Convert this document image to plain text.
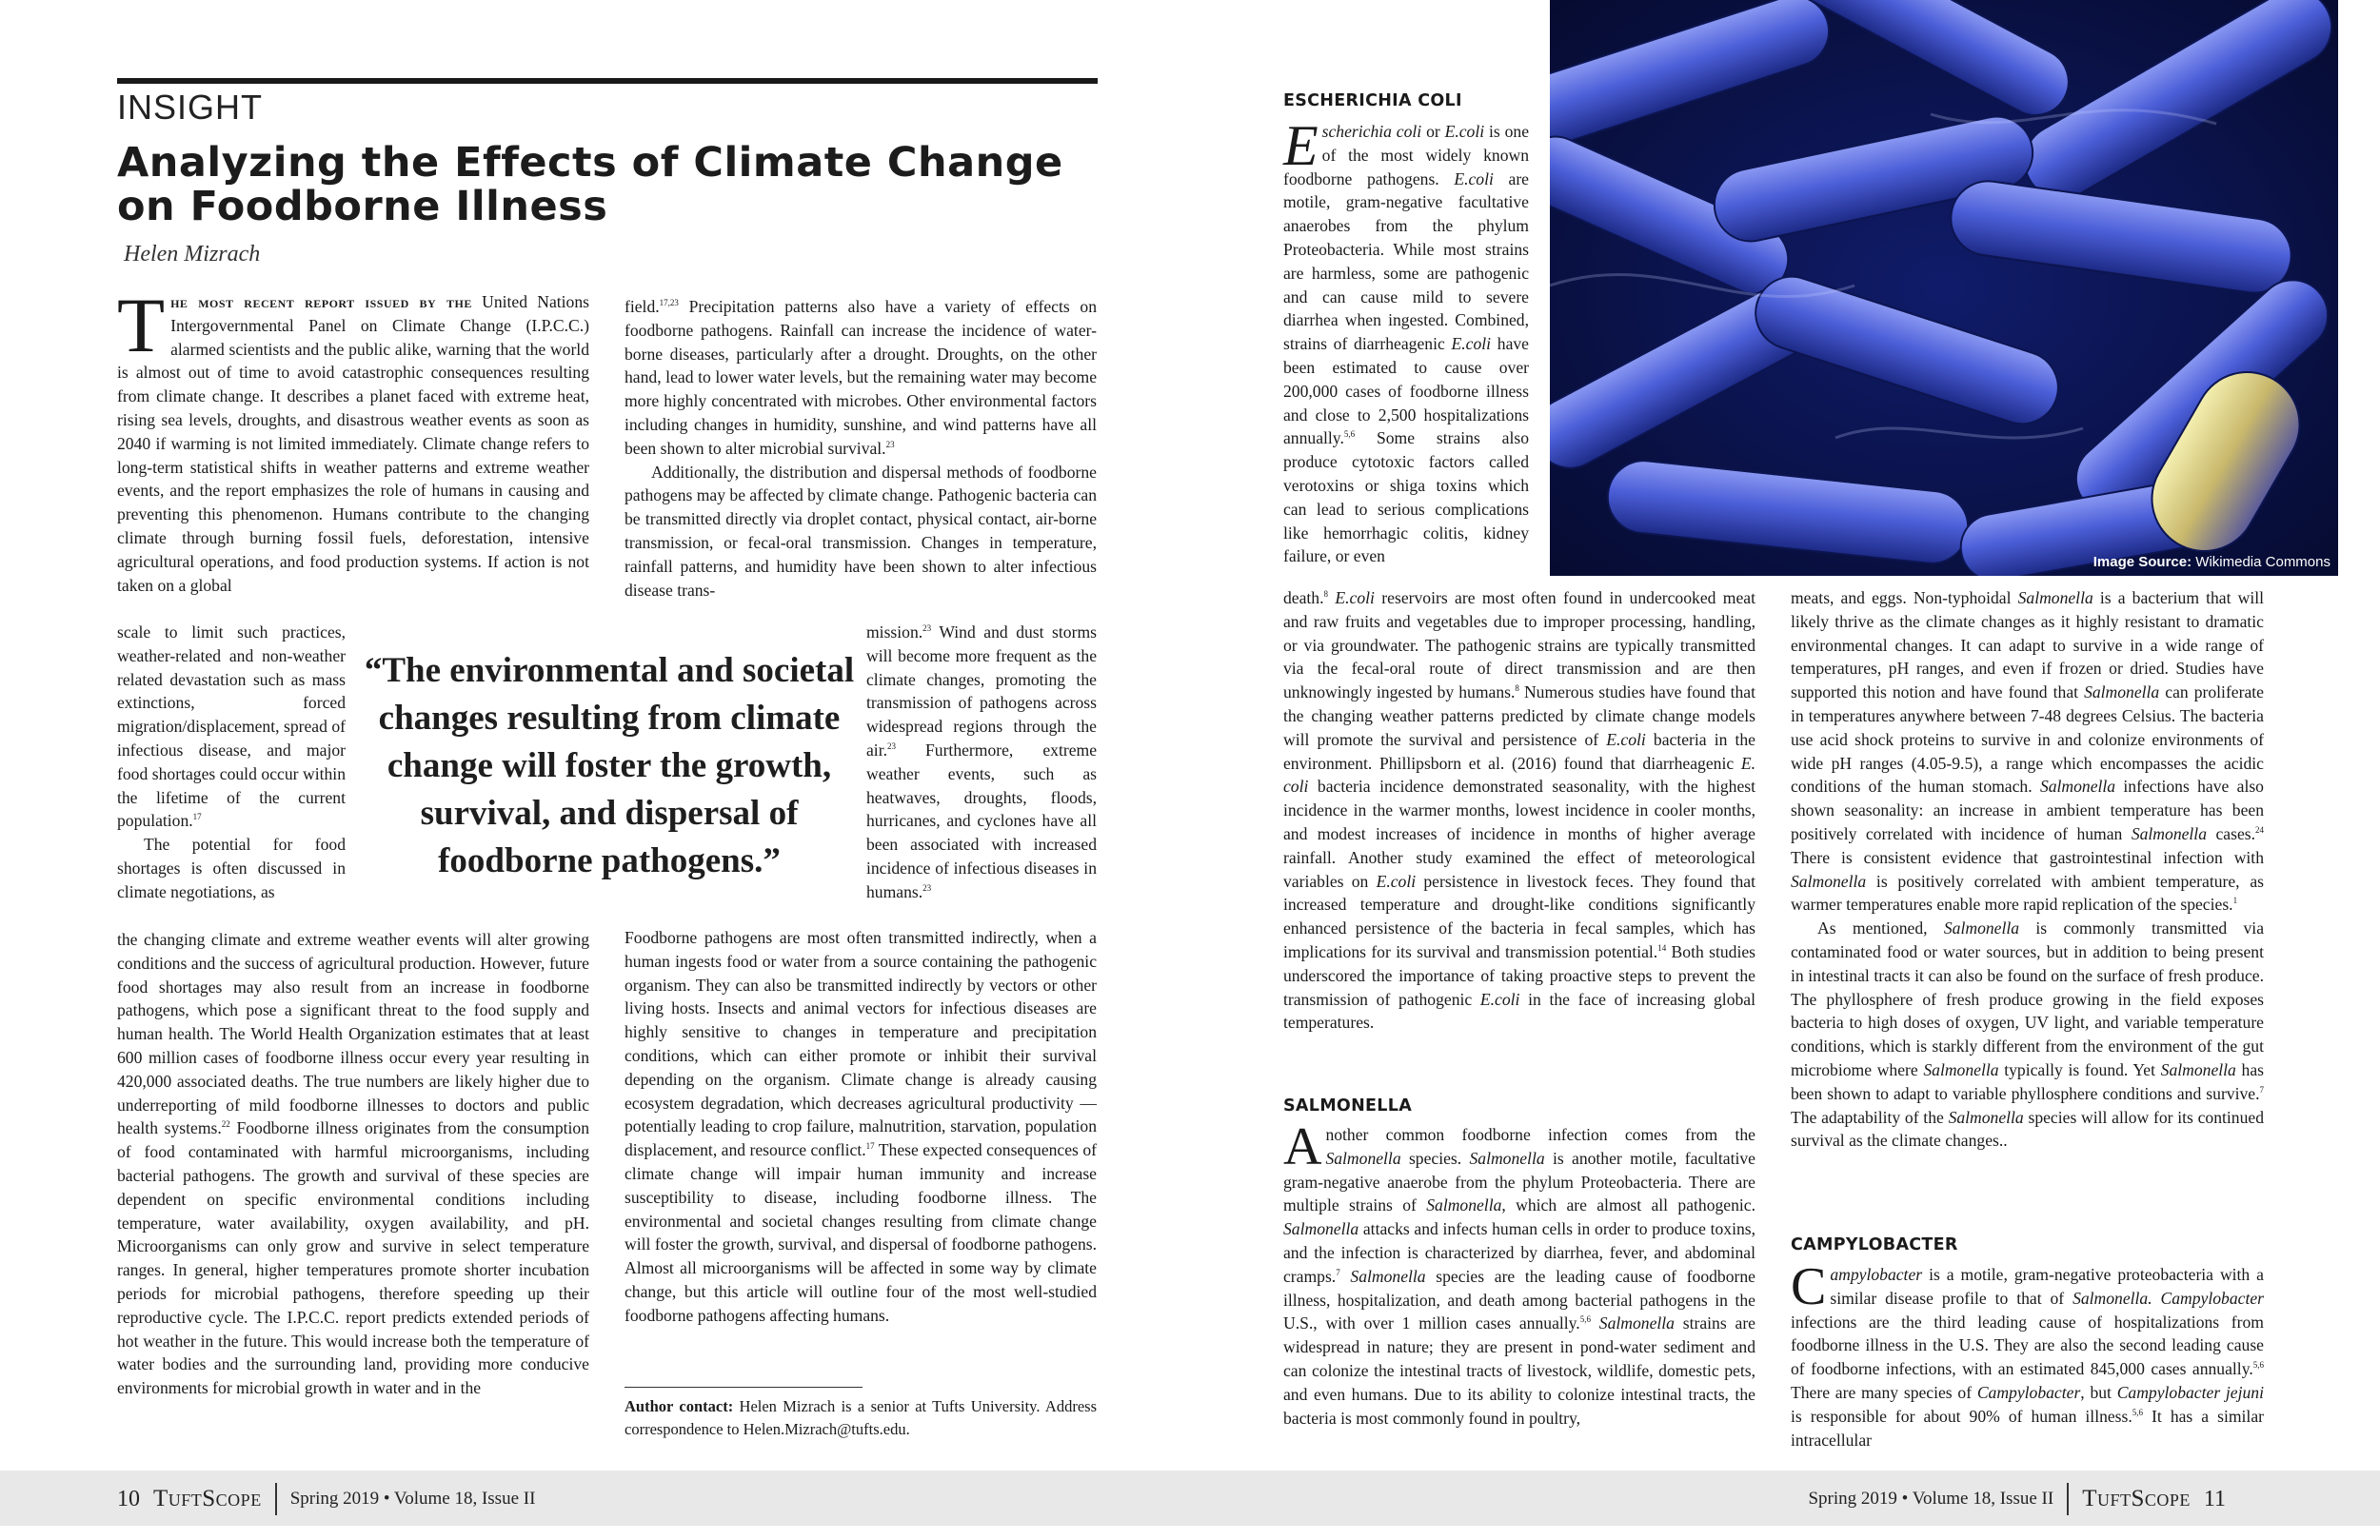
INSIGHT
Analyzing the Effects of Climate Change on Foodborne Illness
Helen Mizrach

The most recent report issued by the United Nations Intergovernmental Panel on Climate Change (I.P.C.C.) alarmed scientists and the public alike, warning that the world is almost out of time to avoid catastrophic consequences resulting from climate change. It describes a planet faced with extreme heat, rising sea levels, droughts, and disastrous weather events as soon as 2040 if warming is not limited immediately. Climate change refers to long-term statistical shifts in weather patterns and extreme weather events, and the report emphasizes the role of humans in causing and preventing this phenomenon. Humans contribute to the changing climate through burning fossil fuels, deforestation, intensive agricultural operations, and food production systems. If action is not taken on a global

scale to limit such practices, weather-related and non-weather related devastation such as mass extinctions, forced migration/displacement, spread of infectious disease, and major food shortages could occur within the lifetime of the current population.$^{17}$

The potential for food shortages is often discussed in climate negotiations, as

the changing climate and extreme weather events will alter growing conditions and the success of agricultural production. However, future food shortages may also result from an increase in foodborne pathogens, which pose a significant threat to the food supply and human health. The World Health Organization estimates that at least 600 million cases of foodborne illness occur every year resulting in 420,000 associated deaths. The true numbers are likely higher due to underreporting of mild foodborne illnesses to doctors and public health systems.$^{22}$ Foodborne illness originates from the consumption of food contaminated with harmful microorganisms, including bacterial pathogens. The growth and survival of these species are dependent on specific environmental conditions including temperature, water availability, oxygen availability, and pH. Microorganisms can only grow and survive in select temperature ranges. In general, higher temperatures promote shorter incubation periods for microbial pathogens, therefore speeding up their reproductive cycle. The I.P.C.C. report predicts extended periods of hot weather in the future. This would increase both the temperature of water bodies and the surrounding land, providing more conducive environments for microbial growth in water and in the

field.$^{17,23}$ Precipitation patterns also have a variety of effects on foodborne pathogens. Rainfall can increase the incidence of water-borne diseases, particularly after a drought. Droughts, on the other hand, lead to lower water levels, but the remaining water may become more highly concentrated with microbes. Other environmental factors including changes in humidity, sunshine, and wind patterns have all been shown to alter microbial survival.$^{23}$

Additionally, the distribution and dispersal methods of foodborne pathogens may be affected by climate change. Pathogenic bacteria can be transmitted directly via droplet contact, physical contact, air-borne transmission, or fecal-oral transmission. Changes in temperature, rainfall patterns, and humidity have been shown to alter infectious disease trans-

mission.$^{23}$ Wind and dust storms will become more frequent as the climate changes, promoting the transmission of pathogens across widespread regions through the air.$^{23}$ Furthermore, extreme weather events, such as heatwaves, droughts, floods, hurricanes, and cyclones have all been associated with increased incidence of infectious diseases in humans.$^{23}$

Foodborne pathogens are most often transmitted indirectly, when a human ingests food or water from a source containing the pathogenic organism. They can also be transmitted indirectly by vectors or other living hosts. Insects and animal vectors for infectious diseases are highly sensitive to changes in temperature and precipitation conditions, which can either promote or inhibit their survival depending on the organism. Climate change is already causing ecosystem degradation, which decreases agricultural productivity — potentially leading to crop failure, malnutrition, starvation, population displacement, and resource conflict.$^{17}$ These expected consequences of climate change will impair human immunity and increase susceptibility to disease, including foodborne illness. The environmental and societal changes resulting from climate change will foster the growth, survival, and dispersal of foodborne pathogens. Almost all microorganisms will be affected in some way by climate change, but this article will outline four of the most well-studied foodborne pathogens affecting humans.

“The environmental and societal changes resulting from climate change will foster the growth, survival, and dispersal of foodborne pathogens.”
Author contact: Helen Mizrach is a senior at Tufts University. Address correspondence to Helen.Mizrach@tufts.edu.
Image Source: Wikimedia Commons
ESCHERICHIA COLI

Escherichia coli or E.coli is one of the most widely known foodborne pathogens. E.coli are motile, gram-negative facultative anaerobes from the phylum Proteobacteria. While most strains are harmless, some are pathogenic and can cause mild to severe diarrhea when ingested. Combined, strains of diarrheagenic E.coli have been estimated to cause over 200,000 cases of foodborne illness and close to 2,500 hospitalizations annually.$^{5,6}$ Some strains also produce cytotoxic factors called verotoxins or shiga toxins which can lead to serious complications like hemorrhagic colitis, kidney failure, or even

death.$^8$ E.coli reservoirs are most often found in undercooked meat and raw fruits and vegetables due to improper processing, handling, or via groundwater. The pathogenic strains are typically transmitted via the fecal-oral route of direct transmission and are then unknowingly ingested by humans.$^8$ Numerous studies have found that the changing weather patterns predicted by climate change models will promote the survival and persistence of E.coli bacteria in the environment. Phillipsborn et al. (2016) found that diarrheagenic E. coli bacteria incidence demonstrated seasonality, with the highest incidence in the warmer months, lowest incidence in cooler months, and modest increases of incidence in months of higher average rainfall. Another study examined the effect of meteorological variables on E.coli persistence in livestock feces. They found that increased temperature and drought-like conditions significantly enhanced persistence of the bacteria in fecal samples, which has implications for its survival and transmission potential.$^{14}$ Both studies underscored the importance of taking proactive steps to prevent the transmission of pathogenic E.coli in the face of increasing global temperatures.

SALMONELLA

Another common foodborne infection comes from the Salmonella species. Salmonella is another motile, facultative gram-negative anaerobe from the phylum Proteobacteria. There are multiple strains of Salmonella, which are almost all pathogenic. Salmonella attacks and infects human cells in order to produce toxins, and the infection is characterized by diarrhea, fever, and abdominal cramps.$^7$ Salmonella species are the leading cause of foodborne illness, hospitalization, and death among bacterial pathogens in the U.S., with over 1 million cases annually.$^{5,6}$ Salmonella strains are widespread in nature; they are present in pond-water sediment and can colonize the intestinal tracts of livestock, wildlife, domestic pets, and even humans. Due to its ability to colonize intestinal tracts, the bacteria is most commonly found in poultry,

meats, and eggs. Non-typhoidal Salmonella is a bacterium that will likely thrive as the climate changes as it highly resistant to dramatic environmental changes. It can adapt to survive in a wide range of temperatures, pH ranges, and even if frozen or dried. Studies have supported this notion and have found that Salmonella can proliferate in temperatures anywhere between 7-48 degrees Celsius. The bacteria use acid shock proteins to survive in and colonize environments of wide pH ranges (4.05-9.5), a range which encompasses the acidic conditions of the human stomach. Salmonella infections have also shown seasonality: an increase in ambient temperature has been positively correlated with incidence of human Salmonella cases.$^{24}$ There is consistent evidence that gastrointestinal infection with Salmonella is positively correlated with ambient temperature, as warmer temperatures enable more rapid replication of the species.$^1$

As mentioned, Salmonella is commonly transmitted via contaminated food or water sources, but in addition to being present in intestinal tracts it can also be found on the surface of fresh produce. The phyllosphere of fresh produce growing in the field exposes bacteria to high doses of oxygen, UV light, and variable temperature conditions, which is starkly different from the environment of the gut microbiome where Salmonella typically is found. Yet Salmonella has been shown to adapt to variable phyllosphere conditions and survive.$^7$ The adaptability of the Salmonella species will allow for its continued survival as the climate changes..

CAMPYLOBACTER

Campylobacter is a motile, gram-negative proteobacteria with a similar disease profile to that of Salmonella. Campylobacter infections are the third leading cause of hospitalizations from foodborne illness in the U.S. They are also the second leading cause of foodborne infections, with an estimated 845,000 cases annually.$^{5,6}$ There are many species of Campylobacter, but Campylobacter jejuni is responsible for about 90% of human illness.$^{5,6}$ It has a similar intracellular

10 TuftScope Spring 2019 • Volume 18, Issue II	Spring 2019 • Volume 18, Issue II TuftScope 11
